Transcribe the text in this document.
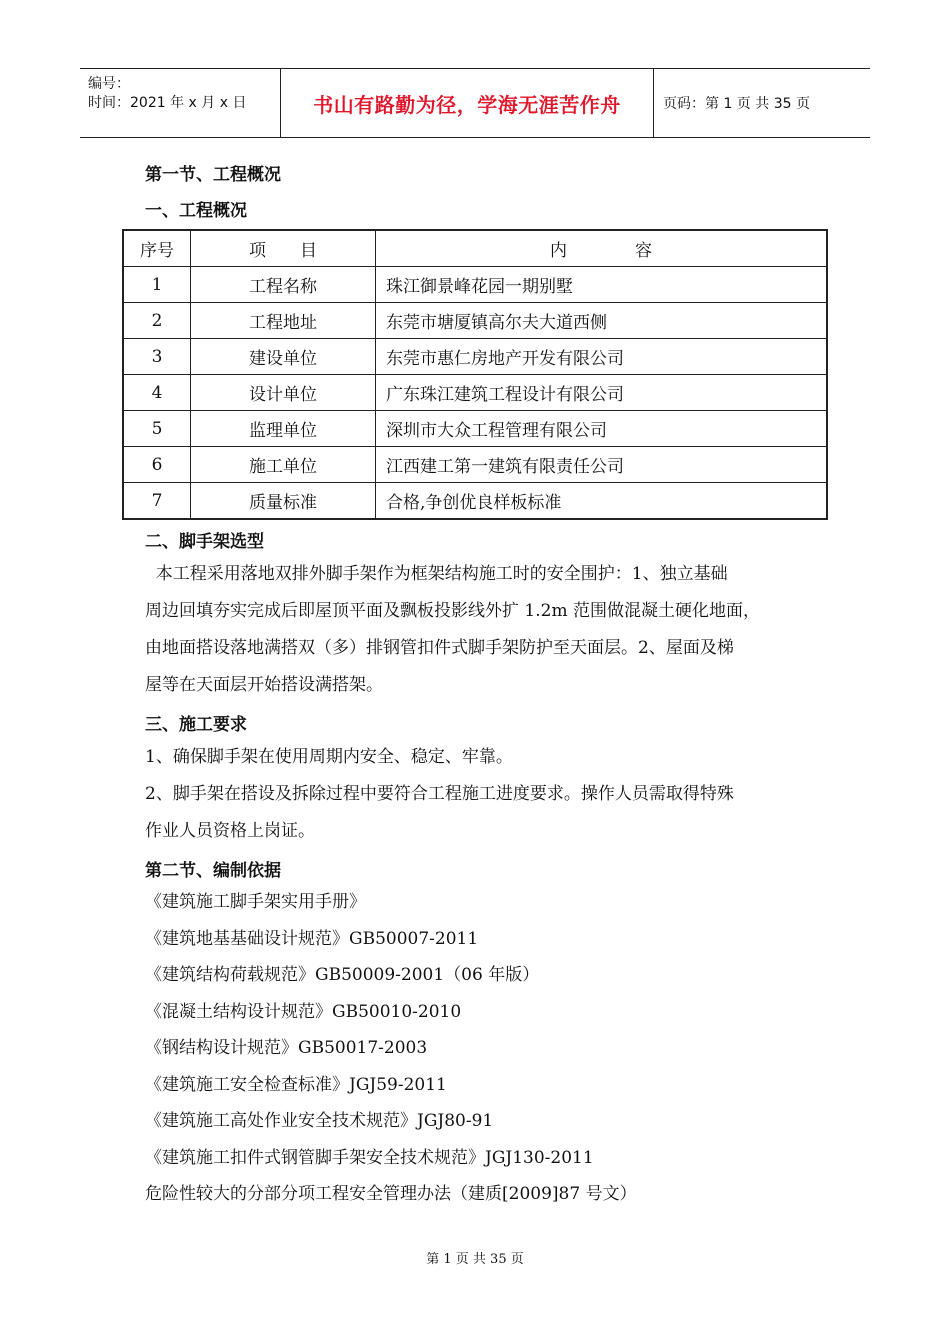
编号：
时间：2021 年 x 月 x 日	书山有路勤为径，学海无涯苦作舟	页码：第 1 页 共 35 页
第一节、工程概况
一、工程概况
序号	项　　目	内　　　　容
1	工程名称	珠江御景峰花园一期别墅
2	工程地址	东莞市塘厦镇高尔夫大道西侧
3	建设单位	东莞市惠仁房地产开发有限公司
4	设计单位	广东珠江建筑工程设计有限公司
5	监理单位	深圳市大众工程管理有限公司
6	施工单位	江西建工第一建筑有限责任公司
7	质量标准	合格,争创优良样板标准
二、脚手架选型
本工程采用落地双排外脚手架作为框架结构施工时的安全围护：1、独立基础
周边回填夯实完成后即屋顶平面及飘板投影线外扩 1.2m 范围做混凝土硬化地面，
由地面搭设落地满搭双（多）排钢管扣件式脚手架防护至天面层。2、屋面及梯
屋等在天面层开始搭设满搭架。
三、施工要求
1、确保脚手架在使用周期内安全、稳定、牢靠。
2、脚手架在搭设及拆除过程中要符合工程施工进度要求。操作人员需取得特殊
作业人员资格上岗证。
第二节、编制依据
《建筑施工脚手架实用手册》
《建筑地基基础设计规范》GB50007-2011
《建筑结构荷载规范》GB50009-2001（06 年版）
《混凝土结构设计规范》GB50010-2010
《钢结构设计规范》GB50017-2003
《建筑施工安全检查标准》JGJ59-2011
《建筑施工高处作业安全技术规范》JGJ80-91
《建筑施工扣件式钢管脚手架安全技术规范》JGJ130-2011
危险性较大的分部分项工程安全管理办法（建质[2009]87 号文）
第 1 页 共 35 页
